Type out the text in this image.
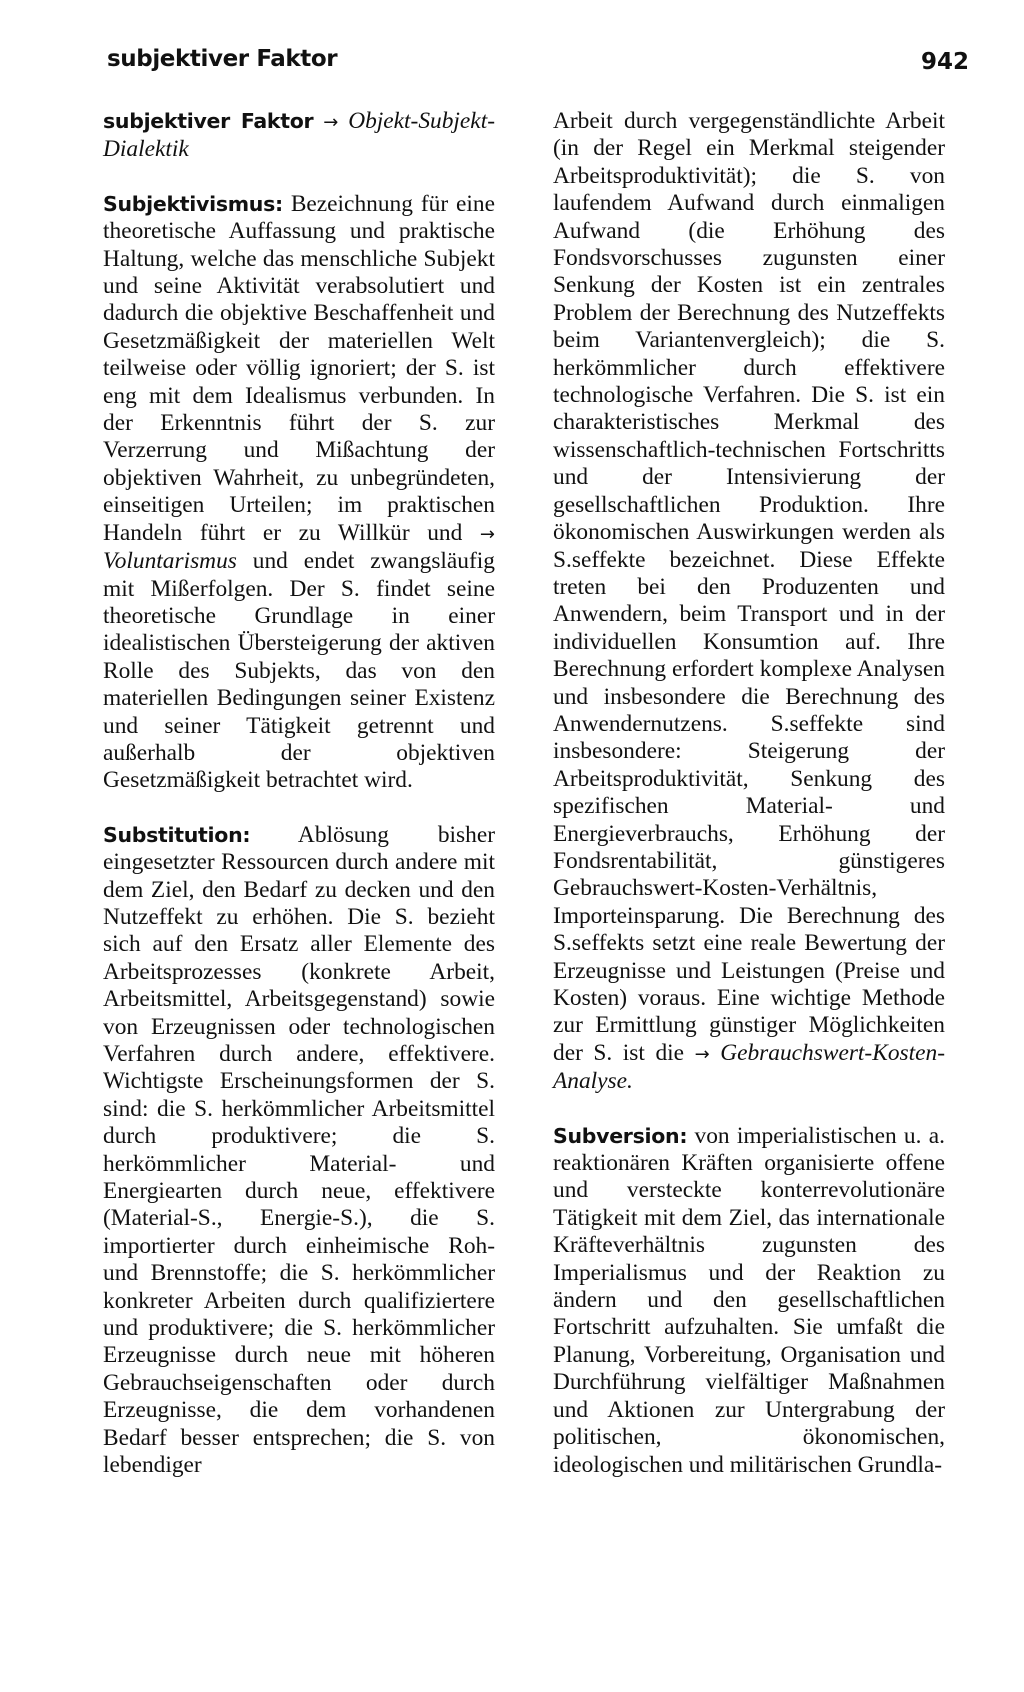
subjektiver Faktor	942

subjektiver Faktor → Objekt-Subjekt-Dialektik

Subjektivismus: Bezeichnung für eine theoretische Auffassung und praktische Haltung, welche das menschliche Subjekt und seine Aktivität verabsolutiert und dadurch die objektive Beschaffenheit und Gesetzmäßigkeit der materiellen Welt teilweise oder völlig ignoriert; der S. ist eng mit dem Idealismus verbunden. In der Erkenntnis führt der S. zur Verzerrung und Mißachtung der objektiven Wahrheit, zu unbegründeten, einseitigen Urteilen; im praktischen Handeln führt er zu Willkür und → Voluntarismus und endet zwangsläufig mit Mißerfolgen. Der S. findet seine theoretische Grundlage in einer idealistischen Übersteigerung der aktiven Rolle des Subjekts, das von den materiellen Bedingungen seiner Existenz und seiner Tätigkeit getrennt und außerhalb der objektiven Gesetzmäßigkeit betrachtet wird.

Substitution: Ablösung bisher eingesetzter Ressourcen durch andere mit dem Ziel, den Bedarf zu decken und den Nutzeffekt zu erhöhen. Die S. bezieht sich auf den Ersatz aller Elemente des Arbeitsprozesses (konkrete Arbeit, Arbeitsmittel, Arbeitsgegenstand) sowie von Erzeugnissen oder technologischen Verfahren durch andere, effektivere. Wichtigste Erscheinungsformen der S. sind: die S. herkömmlicher Arbeitsmittel durch produktivere; die S. herkömmlicher Material- und Energiearten durch neue, effektivere (Material-S., Energie-S.), die S. importierter durch einheimische Roh- und Brennstoffe; die S. herkömmlicher konkreter Arbeiten durch qualifiziertere und produktivere; die S. herkömmlicher Erzeugnisse durch neue mit höheren Gebrauchseigenschaften oder durch Erzeugnisse, die dem vorhandenen Bedarf besser entsprechen; die S. von lebendiger

Arbeit durch vergegenständlichte Arbeit (in der Regel ein Merkmal steigender Arbeitsproduktivität); die S. von laufendem Aufwand durch einmaligen Aufwand (die Erhöhung des Fondsvorschusses zugunsten einer Senkung der Kosten ist ein zentrales Problem der Berechnung des Nutzeffekts beim Variantenvergleich); die S. herkömmlicher durch effektivere technologische Verfahren. Die S. ist ein charakteristisches Merkmal des wissenschaftlich-technischen Fortschritts und der Intensivierung der gesellschaftlichen Produktion. Ihre ökonomischen Auswirkungen werden als S.seffekte bezeichnet. Diese Effekte treten bei den Produzenten und Anwendern, beim Transport und in der individuellen Konsumtion auf. Ihre Berechnung erfordert komplexe Analysen und insbesondere die Berechnung des Anwendernutzens. S.seffekte sind insbesondere: Steigerung der Arbeitsproduktivität, Senkung des spezifischen Material- und Energieverbrauchs, Erhöhung der Fondsrentabilität, günstigeres Gebrauchswert-Kosten-Verhältnis, Importeinsparung. Die Berechnung des S.seffekts setzt eine reale Bewertung der Erzeugnisse und Leistungen (Preise und Kosten) voraus. Eine wichtige Methode zur Ermittlung günstiger Möglichkeiten der S. ist die → Gebrauchswert-Kosten-Analyse.

Subversion: von imperialistischen u. a. reaktionären Kräften organisierte offene und versteckte konterrevolutionäre Tätigkeit mit dem Ziel, das internationale Kräfteverhältnis zugunsten des Imperialismus und der Reaktion zu ändern und den gesellschaftlichen Fortschritt aufzuhalten. Sie umfaßt die Planung, Vorbereitung, Organisation und Durchführung vielfältiger Maßnahmen und Aktionen zur Untergrabung der politischen, ökonomischen, ideologischen und militärischen Grundla-
